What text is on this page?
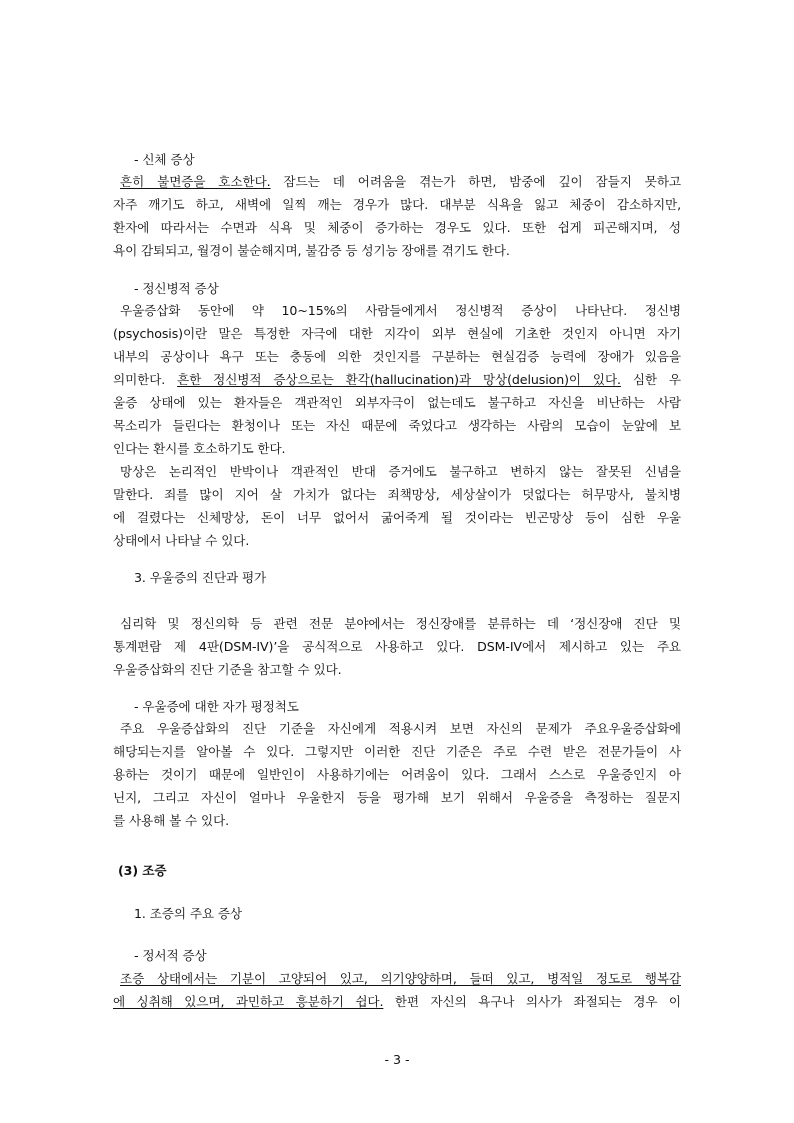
- 신체 증상
흔히 불면증을 호소한다. 잠드는 데 어려움을 겪는가 하면, 밤중에 깊이 잠들지 못하고
자주 깨기도 하고, 새벽에 일찍 깨는 경우가 많다. 대부분 식욕을 잃고 체중이 감소하지만,
환자에 따라서는 수면과 식욕 및 체중이 증가하는 경우도 있다. 또한 쉽게 피곤해지며, 성
욕이 감퇴되고, 월경이 불순해지며, 불감증 등 성기능 장애를 겪기도 한다.
- 정신병적 증상
우울증삽화 동안에 약 10~15%의 사람들에게서 정신병적 증상이 나타난다. 정신병
(psychosis)이란 말은 특정한 자극에 대한 지각이 외부 현실에 기초한 것인지 아니면 자기
내부의 공상이나 욕구 또는 충동에 의한 것인지를 구분하는 현실검증 능력에 장애가 있음을
의미한다. 흔한 정신병적 증상으로는 환각(hallucination)과 망상(delusion)이 있다. 심한 우
울증 상태에 있는 환자들은 객관적인 외부자극이 없는데도 불구하고 자신을 비난하는 사람
목소리가 들린다는 환청이나 또는 자신 때문에 죽었다고 생각하는 사람의 모습이 눈앞에 보
인다는 환시를 호소하기도 한다.
망상은 논리적인 반박이나 객관적인 반대 증거에도 불구하고 변하지 않는 잘못된 신념을
말한다. 죄를 많이 지어 살 가치가 없다는 죄책망상, 세상살이가 덧없다는 허무망사, 불치병
에 걸렸다는 신체망상, 돈이 너무 없어서 굶어죽게 될 것이라는 빈곤망상 등이 심한 우울
상태에서 나타날 수 있다.
3. 우울증의 진단과 평가
심리학 및 정신의학 등 관련 전문 분야에서는 정신장애를 분류하는 데 ‘정신장애 진단 및
통계편람 제 4판(DSM-IV)’을 공식적으로 사용하고 있다. DSM-IV에서 제시하고 있는 주요
우울증삽화의 진단 기준을 참고할 수 있다.
- 우울증에 대한 자가 평정척도
주요 우울증삽화의 진단 기준을 자신에게 적용시켜 보면 자신의 문제가 주요우울증삽화에
해당되는지를 알아볼 수 있다. 그렇지만 이러한 진단 기준은 주로 수련 받은 전문가들이 사
용하는 것이기 때문에 일반인이 사용하기에는 어려움이 있다. 그래서 스스로 우울증인지 아
닌지, 그리고 자신이 얼마나 우울한지 등을 평가해 보기 위해서 우울증을 측정하는 질문지
를 사용해 볼 수 있다.
(3) 조증
1. 조증의 주요 증상
- 정서적 증상
조증 상태에서는 기분이 고양되어 있고, 의기양양하며, 들떠 있고, 병적일 정도로 행복감
에 싱취해 있으며, 과민하고 흥분하기 쉽다. 한편 자신의 욕구나 의사가 좌절되는 경우 이
- 3 -
